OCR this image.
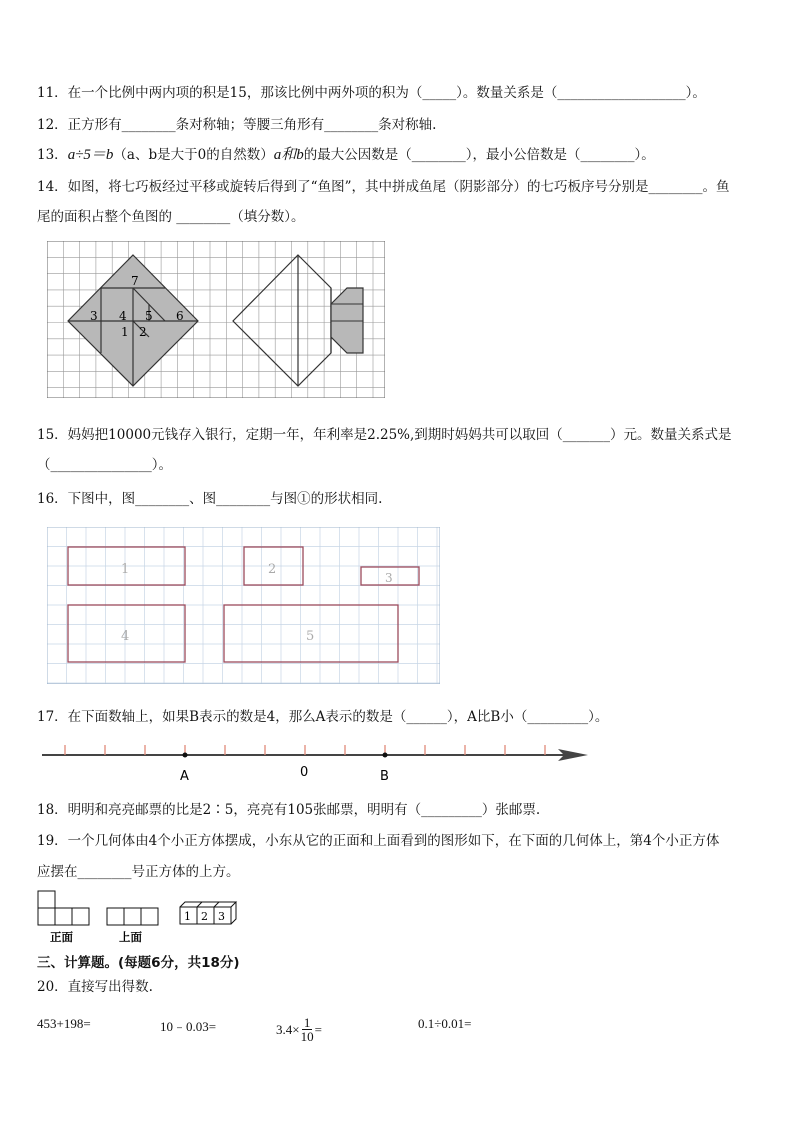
11．在一个比例中两内项的积是15，那该比例中两外项的积为（_____）。数量关系是（___________________）。
12．正方形有________条对称轴；等腰三角形有________条对称轴.
13．a÷5＝b（a、b是大于0的自然数）a和b的最大公因数是（________），最小公倍数是（________）。
14．如图，将七巧板经过平移或旋转后得到了“鱼图”，其中拼成鱼尾（阴影部分）的七巧板序号分别是________。鱼
尾的面积占整个鱼图的 ________（填分数）。
7
3 4 5 6
1 2
15．妈妈把10000元钱存入银行，定期一年，年利率是2.25%,到期时妈妈共可以取回（_______）元。数量关系式是
（_______________）。
16．下图中，图________、图________与图①的形状相同.
1	2
3
4	5
17．在下面数轴上，如果B表示的数是4，那么A表示的数是（______），A比B小（_________）。
A	0	B
18．明明和亮亮邮票的比是2∶5，亮亮有105张邮票，明明有（_________）张邮票.
19．一个几何体由4个小正方体摆成，小东从它的正面和上面看到的图形如下，在下面的几何体上，第4个小正方体
应摆在________号正方体的上方。
1 2 3
正面	上面
三、计算题。(每题6分，共18分)
20．直接写出得数.
453+198=	10﹣0.03=	$3.4\times \frac{1}{10}$ =	0.1÷0.01=
